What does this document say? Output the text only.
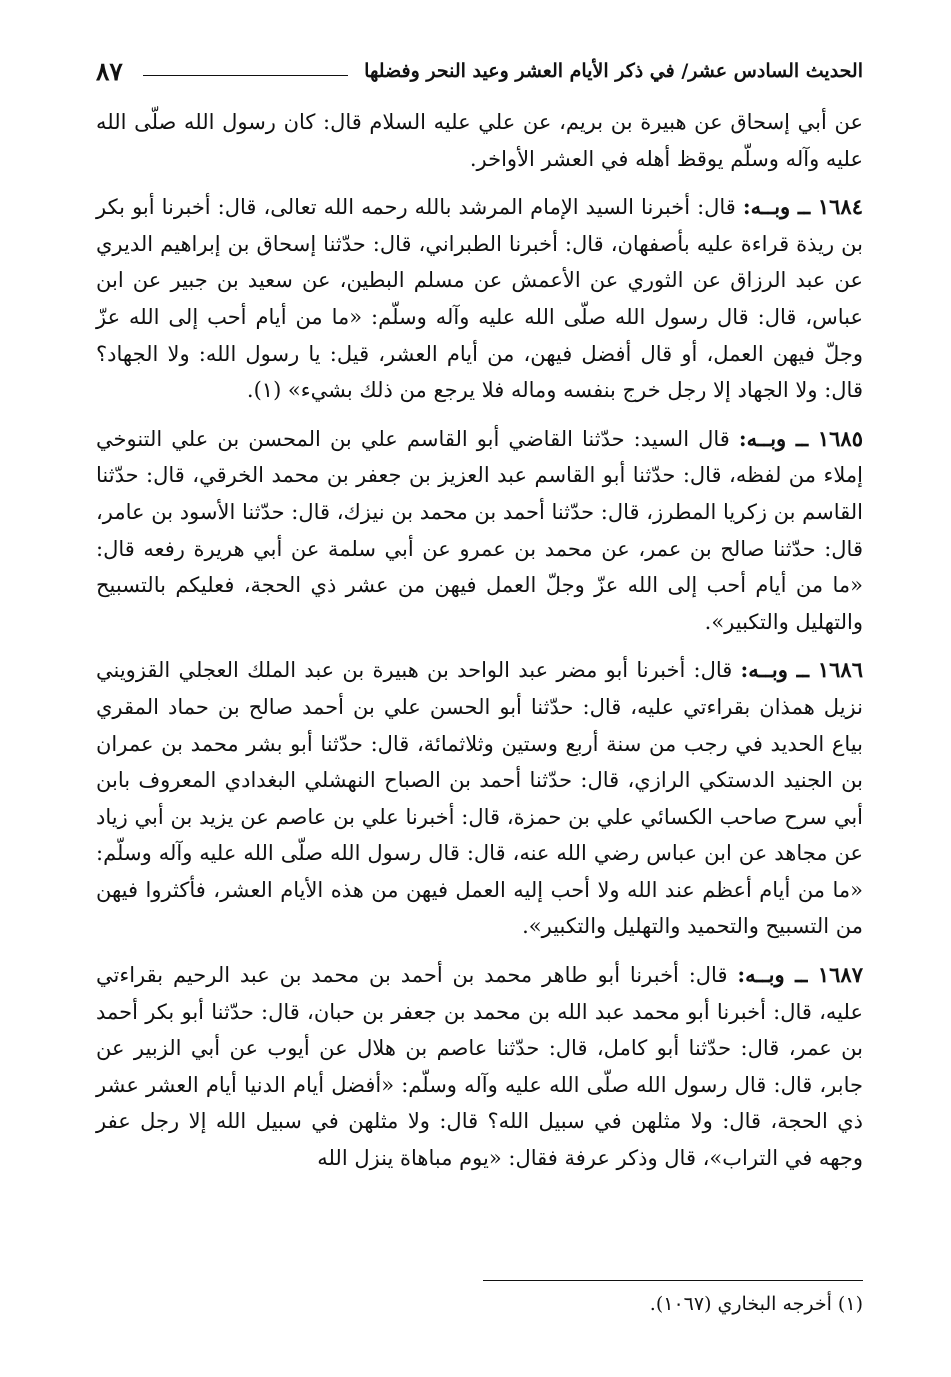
الحديث السادس عشر/ في ذكر الأيام العشر وعيد النحر وفضلها
٨٧

عن أبي إسحاق عن هبيرة بن بريم، عن علي عليه السلام قال: كان رسول الله صلّى الله عليه وآله وسلّم يوقظ أهله في العشر الأواخر.

١٦٨٤ ــ وبــه: قال: أخبرنا السيد الإمام المرشد بالله رحمه الله تعالى، قال: أخبرنا أبو بكر بن ريذة قراءة عليه بأصفهان، قال: أخبرنا الطبراني، قال: حدّثنا إسحاق بن إبراهيم الديري عن عبد الرزاق عن الثوري عن الأعمش عن مسلم البطين، عن سعيد بن جبير عن ابن عباس، قال: قال رسول الله صلّى الله عليه وآله وسلّم: «ما من أيام أحب إلى الله عزّ وجلّ فيهن العمل، أو قال أفضل فيهن، من أيام العشر، قيل: يا رسول الله: ولا الجهاد؟ قال: ولا الجهاد إلا رجل خرج بنفسه وماله فلا يرجع من ذلك بشيء» (١).

١٦٨٥ ــ وبــه: قال السيد: حدّثنا القاضي أبو القاسم علي بن المحسن بن علي التنوخي إملاء من لفظه، قال: حدّثنا أبو القاسم عبد العزيز بن جعفر بن محمد الخرقي، قال: حدّثنا القاسم بن زكريا المطرز، قال: حدّثنا أحمد بن محمد بن نيزك، قال: حدّثنا الأسود بن عامر، قال: حدّثنا صالح بن عمر، عن محمد بن عمرو عن أبي سلمة عن أبي هريرة رفعه قال: «ما من أيام أحب إلى الله عزّ وجلّ العمل فيهن من عشر ذي الحجة، فعليكم بالتسبيح والتهليل والتكبير».

١٦٨٦ ــ وبــه: قال: أخبرنا أبو مضر عبد الواحد بن هبيرة بن عبد الملك العجلي القزويني نزيل همذان بقراءتي عليه، قال: حدّثنا أبو الحسن علي بن أحمد صالح بن حماد المقري بياع الحديد في رجب من سنة أربع وستين وثلاثمائة، قال: حدّثنا أبو بشر محمد بن عمران بن الجنيد الدستكي الرازي، قال: حدّثنا أحمد بن الصباح النهشلي البغدادي المعروف بابن أبي سرح صاحب الكسائي علي بن حمزة، قال: أخبرنا علي بن عاصم عن يزيد بن أبي زياد عن مجاهد عن ابن عباس رضي الله عنه، قال: قال رسول الله صلّى الله عليه وآله وسلّم: «ما من أيام أعظم عند الله ولا أحب إليه العمل فيهن من هذه الأيام العشر، فأكثروا فيهن من التسبيح والتحميد والتهليل والتكبير».

١٦٨٧ ــ وبــه: قال: أخبرنا أبو طاهر محمد بن أحمد بن محمد بن عبد الرحيم بقراءتي عليه، قال: أخبرنا أبو محمد عبد الله بن محمد بن جعفر بن حبان، قال: حدّثنا أبو بكر أحمد بن عمر، قال: حدّثنا أبو كامل، قال: حدّثنا عاصم بن هلال عن أيوب عن أبي الزبير عن جابر، قال: قال رسول الله صلّى الله عليه وآله وسلّم: «أفضل أيام الدنيا أيام العشر عشر ذي الحجة، قال: ولا مثلهن في سبيل الله؟ قال: ولا مثلهن في سبيل الله إلا رجل عفر وجهه في التراب»، قال وذكر عرفة فقال: «يوم مباهاة ينزل الله

(١) أخرجه البخاري (١٠٦٧).
